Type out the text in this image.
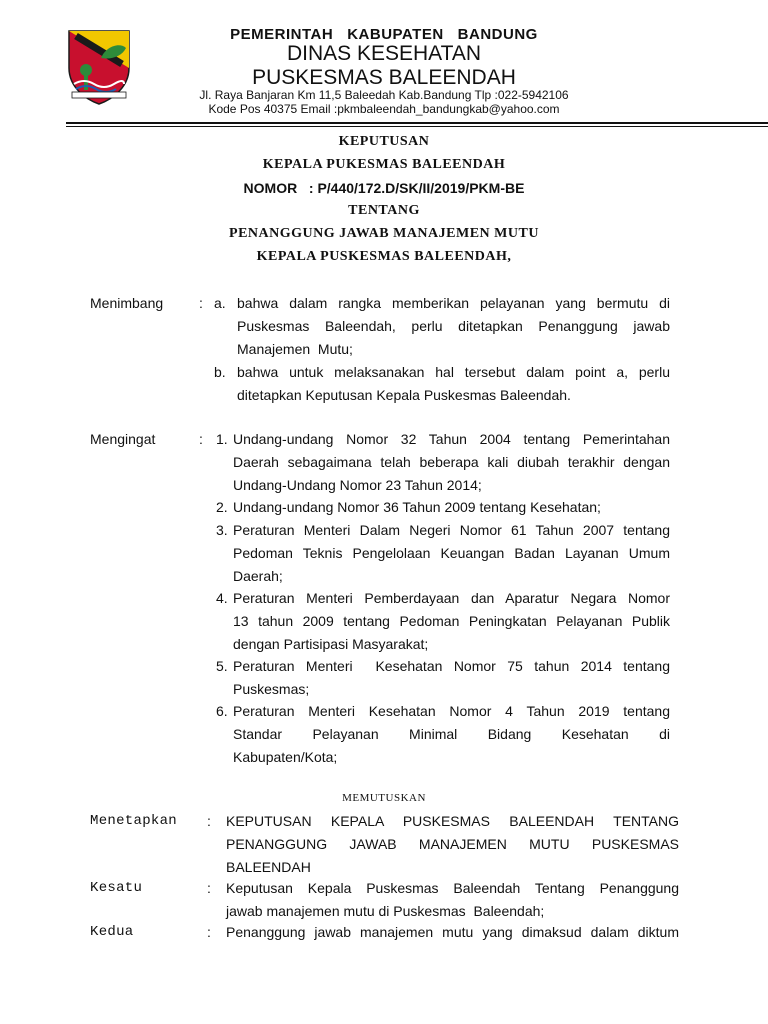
PEMERINTAH   KABUPATEN   BANDUNG
DINAS KESEHATAN
PUSKESMAS BALEENDAH
Jl. Raya Banjaran Km 11,5 Baleedah Kab.Bandung Tlp :022-5942106
Kode Pos 40375 Email :pkmbaleendah_bandungkab@yahoo.com
KEPUTUSAN
KEPALA PUKESMAS BALEENDAH
NOMOR   : P/440/172.D/SK/II/2019/PKM-BE
TENTANG
PENANGGUNG JAWAB MANAJEMEN MUTU
KEPALA PUSKESMAS BALEENDAH,
Menimbang	: a. bahwa dalam rangka memberikan pelayanan yang bermutu di
Puskesmas Baleendah, perlu ditetapkan Penanggung jawab
Manajemen  Mutu;
b. bahwa untuk melaksanakan hal tersebut dalam point a, perlu
ditetapkan Keputusan Kepala Puskesmas Baleendah.
Mengingat	: 1. Undang-undang Nomor 32 Tahun 2004 tentang Pemerintahan
Daerah sebagaimana telah beberapa kali diubah terakhir dengan
Undang-Undang Nomor 23 Tahun 2014;
2. Undang-undang Nomor 36 Tahun 2009 tentang Kesehatan;
3. Peraturan Menteri Dalam Negeri Nomor 61 Tahun 2007 tentang
Pedoman Teknis Pengelolaan Keuangan Badan Layanan Umum
Daerah;
4. Peraturan Menteri Pemberdayaan dan Aparatur Negara Nomor
13 tahun 2009 tentang Pedoman Peningkatan Pelayanan Publik
dengan Partisipasi Masyarakat;
5. Peraturan Menteri  Kesehatan Nomor 75 tahun 2014 tentang
Puskesmas;
6. Peraturan Menteri Kesehatan Nomor 4 Tahun 2019 tentang
Standar Pelayanan Minimal Bidang Kesehatan di
Kabupaten/Kota;
MEMUTUSKAN
Menetapkan : KEPUTUSAN KEPALA PUSKESMAS BALEENDAH TENTANG
PENANGGUNG JAWAB MANAJEMEN MUTU PUSKESMAS
BALEENDAH
Kesatu	: Keputusan Kepala Puskesmas Baleendah Tentang Penanggung
jawab manajemen mutu di Puskesmas  Baleendah;
Kedua	: Penanggung jawab manajemen mutu yang dimaksud dalam diktum
